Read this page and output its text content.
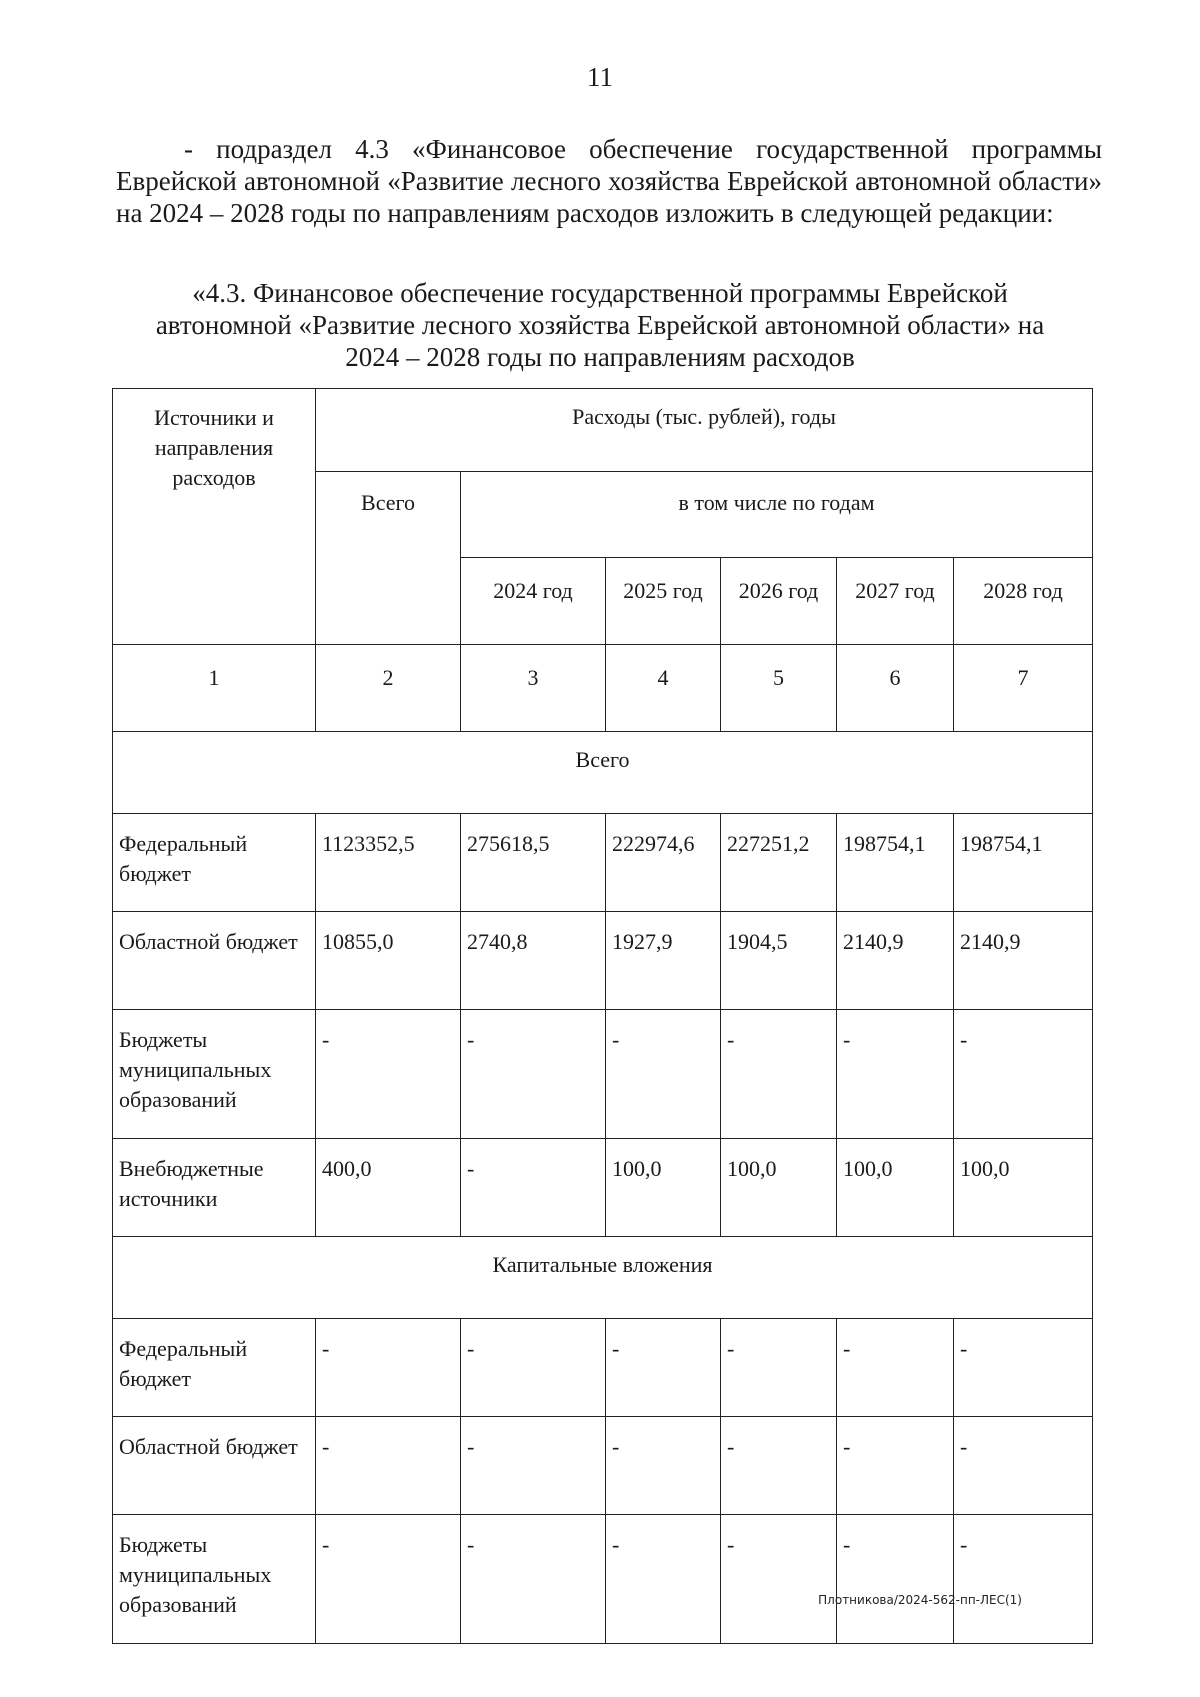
11

- подраздел 4.3 «Финансовое обеспечение государственной программы Еврейской автономной «Развитие лесного хозяйства Еврейской автономной области» на 2024 – 2028 годы по направлениям расходов изложить в следующей редакции:

«4.3. Финансовое обеспечение государственной программы Еврейской автономной «Развитие лесного хозяйства Еврейской автономной области» на 2024 – 2028 годы по направлениям расходов

Источники и направления расходов	Расходы (тыс. рублей), годы					
	Всего	в том числе по годам				
		2024 год	2025 год	2026 год	2027 год	2028 год
1	2	3	4	5	6	7
Всего						
Федеральный бюджет	1123352,5	275618,5	222974,6	227251,2	198754,1	198754,1
Областной бюджет	10855,0	2740,8	1927,9	1904,5	2140,9	2140,9
Бюджеты муниципальных образований	-	-	-	-	-	-
Внебюджетные источники	400,0	-	100,0	100,0	100,0	100,0
Капитальные вложения						
Федеральный бюджет	-	-	-	-	-	-
Областной бюджет	-	-	-	-	-	-
Бюджеты муниципальных образований	-	-	-	-	-	-
Плотникова/2024-562-пп-ЛЕС(1)
